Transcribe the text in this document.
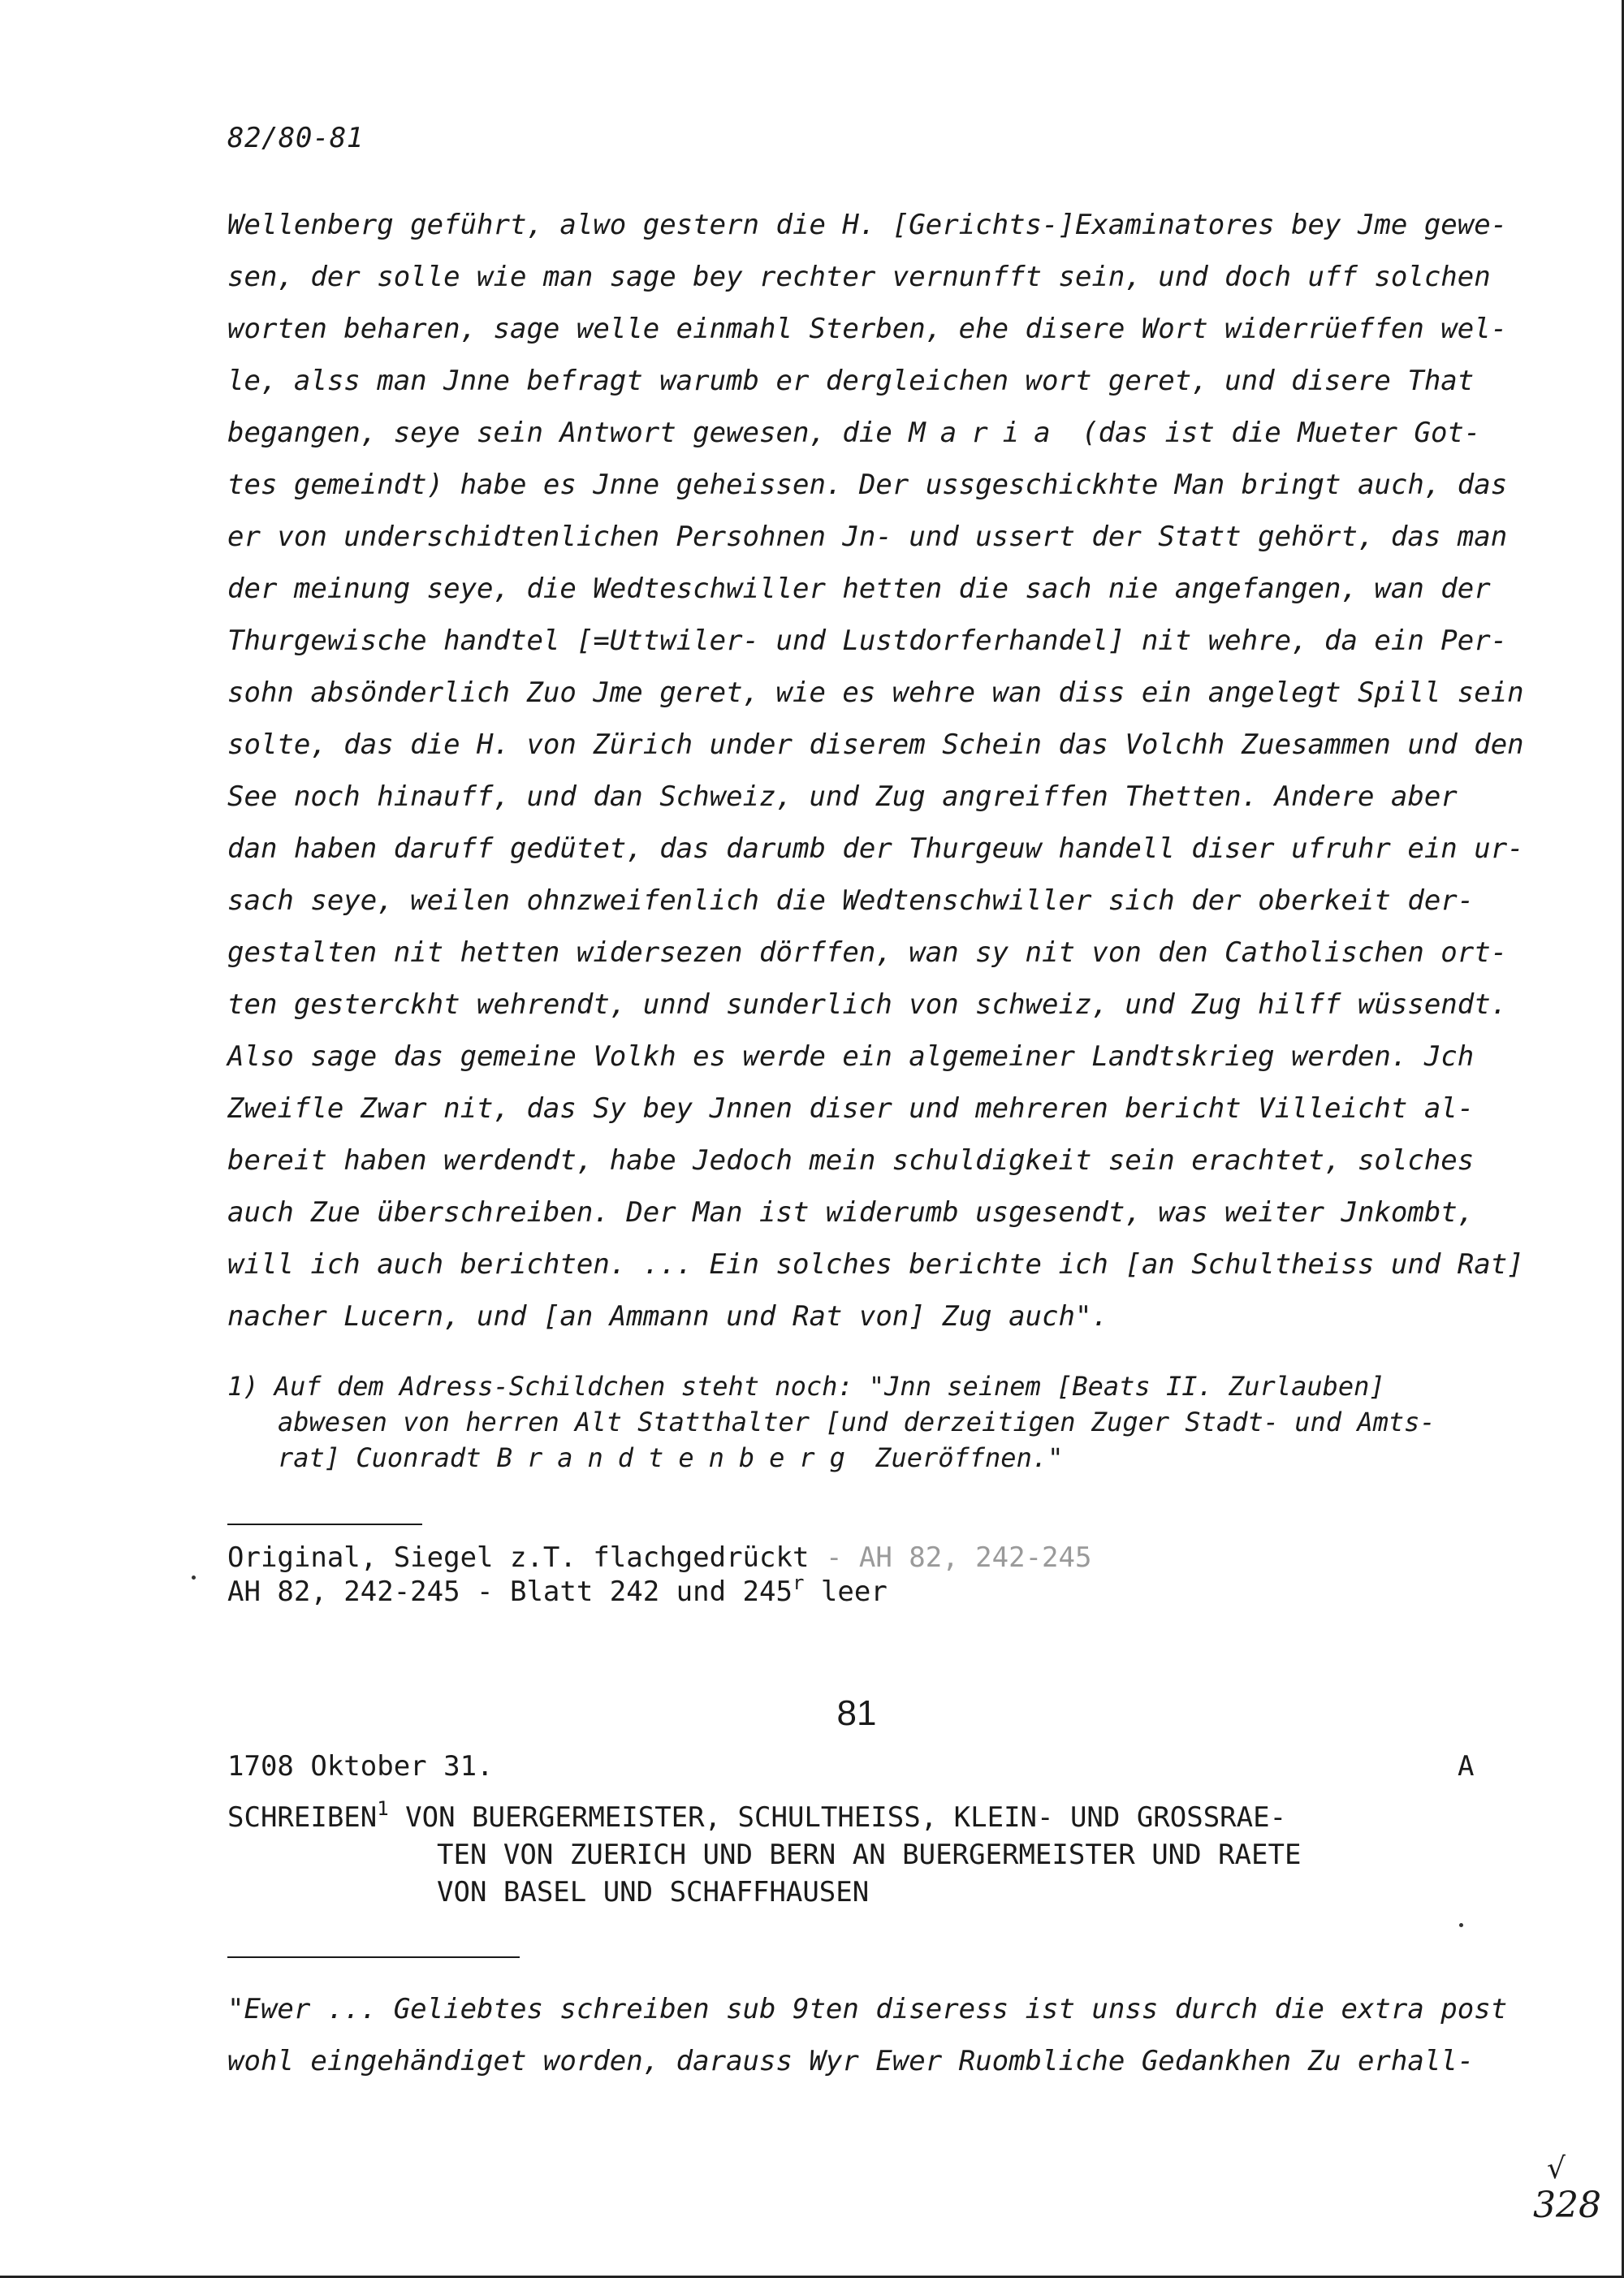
82/80-81
Wellenberg geführt, alwo gestern die H. [Gerichts-]Examinatores bey Jme gewe-
sen, der solle wie man sage bey rechter vernunfft sein, und doch uff solchen
worten beharen, sage welle einmahl Sterben, ehe disere Wort widerrüeffen wel-
le, alss man Jnne befragt warumb er dergleichen wort geret, und disere That
begangen, seye sein Antwort gewesen, die Maria (das ist die Mueter Got-
tes gemeindt) habe es Jnne geheissen. Der ussgeschickhte Man bringt auch, das
er von underschidtenlichen Persohnen Jn- und ussert der Statt gehört, das man
der meinung seye, die Wedteschwiller hetten die sach nie angefangen, wan der
Thurgewische handtel [=Uttwiler- und Lustdorferhandel] nit wehre, da ein Per-
sohn absönderlich Zuo Jme geret, wie es wehre wan diss ein angelegt Spill sein
solte, das die H. von Zürich under diserem Schein das Volchh Zuesammen und den
See noch hinauff, und dan Schweiz, und Zug angreiffen Thetten. Andere aber
dan haben daruff gedütet, das darumb der Thurgeuw handell diser ufruhr ein ur-
sach seye, weilen ohnzweifenlich die Wedtenschwiller sich der oberkeit der-
gestalten nit hetten widersezen dörffen, wan sy nit von den Catholischen ort-
ten gesterckht wehrendt, unnd sunderlich von schweiz, und Zug hilff wüssendt.
Also sage das gemeine Volkh es werde ein algemeiner Landtskrieg werden. Jch
Zweifle Zwar nit, das Sy bey Jnnen diser und mehreren bericht Villeicht al-
bereit haben werdendt, habe Jedoch mein schuldigkeit sein erachtet, solches
auch Zue überschreiben. Der Man ist widerumb usgesendt, was weiter Jnkombt,
will ich auch berichten. ... Ein solches berichte ich [an Schultheiss und Rat]
nacher Lucern, und [an Ammann und Rat von] Zug auch".
1) Auf dem Adress-Schildchen steht noch: "Jnn seinem [Beats II. Zurlauben]
abwesen von herren Alt Statthalter [und derzeitigen Zuger Stadt- und Amts-
rat] Cuonradt Brandtenberg Zueröffnen."
Original, Siegel z.T. flachgedrückt - AH 82, 242-245
AH 82, 242-245 - Blatt 242 und 245$^r$ leer
81
1708 Oktober 31.	A
SCHREIBEN$^1$ VON BUERGERMEISTER, SCHULTHEISS, KLEIN- UND GROSSRAE-
TEN VON ZUERICH UND BERN AN BUERGERMEISTER UND RAETE
VON BASEL UND SCHAFFHAUSEN
"Ewer ... Geliebtes schreiben sub 9ten diseress ist unss durch die extra post
wohl eingehändiget worden, darauss Wyr Ewer Ruombliche Gedankhen Zu erhall-
√
328
